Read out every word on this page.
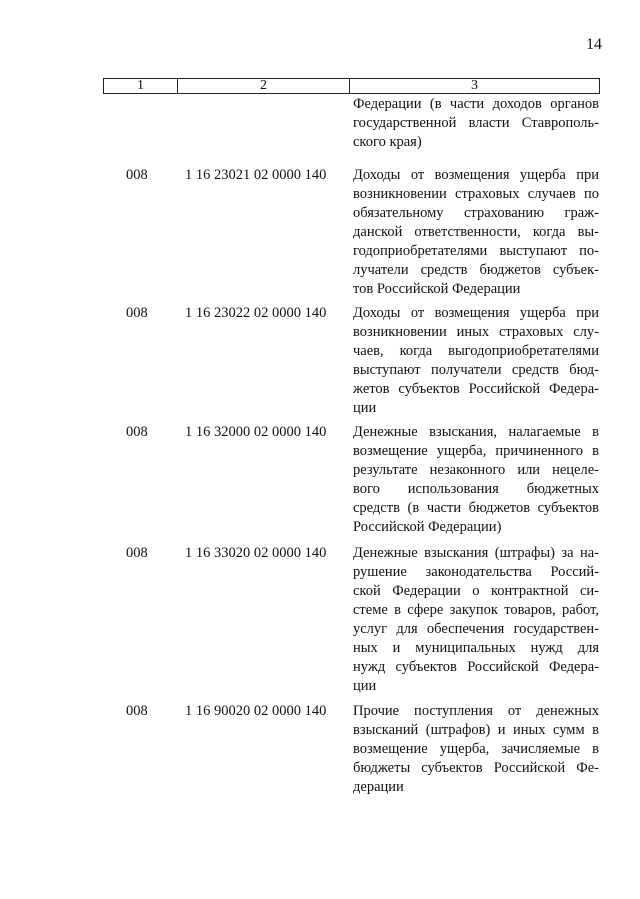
14
1	2	3
Федерации (в части доходов органов
государственной власти Ставрополь-
ского края)
008	1 16 23021 02 0000 140 Доходы от возмещения ущерба при
возникновении страховых случаев по
обязательному страхованию граж-
данской ответственности, когда вы-
годоприобретателями выступают по-
лучатели средств бюджетов субъек-
тов Российской Федерации
008	1 16 23022 02 0000 140 Доходы от возмещения ущерба при
возникновении иных страховых слу-
чаев, когда выгодоприобретателями
выступают получатели средств бюд-
жетов субъектов Российской Федера-
ции
008	1 16 32000 02 0000 140 Денежные взыскания, налагаемые в
возмещение ущерба, причиненного в
результате незаконного или нецеле-
вого использования бюджетных
средств (в части бюджетов субъектов
Российской Федерации)
008	1 16 33020 02 0000 140 Денежные взыскания (штрафы) за на-
рушение законодательства Россий-
ской Федерации о контрактной си-
стеме в сфере закупок товаров, работ,
услуг для обеспечения государствен-
ных и муниципальных нужд для
нужд субъектов Российской Федера-
ции
008	1 16 90020 02 0000 140 Прочие поступления от денежных
взысканий (штрафов) и иных сумм в
возмещение ущерба, зачисляемые в
бюджеты субъектов Российской Фе-
дерации
